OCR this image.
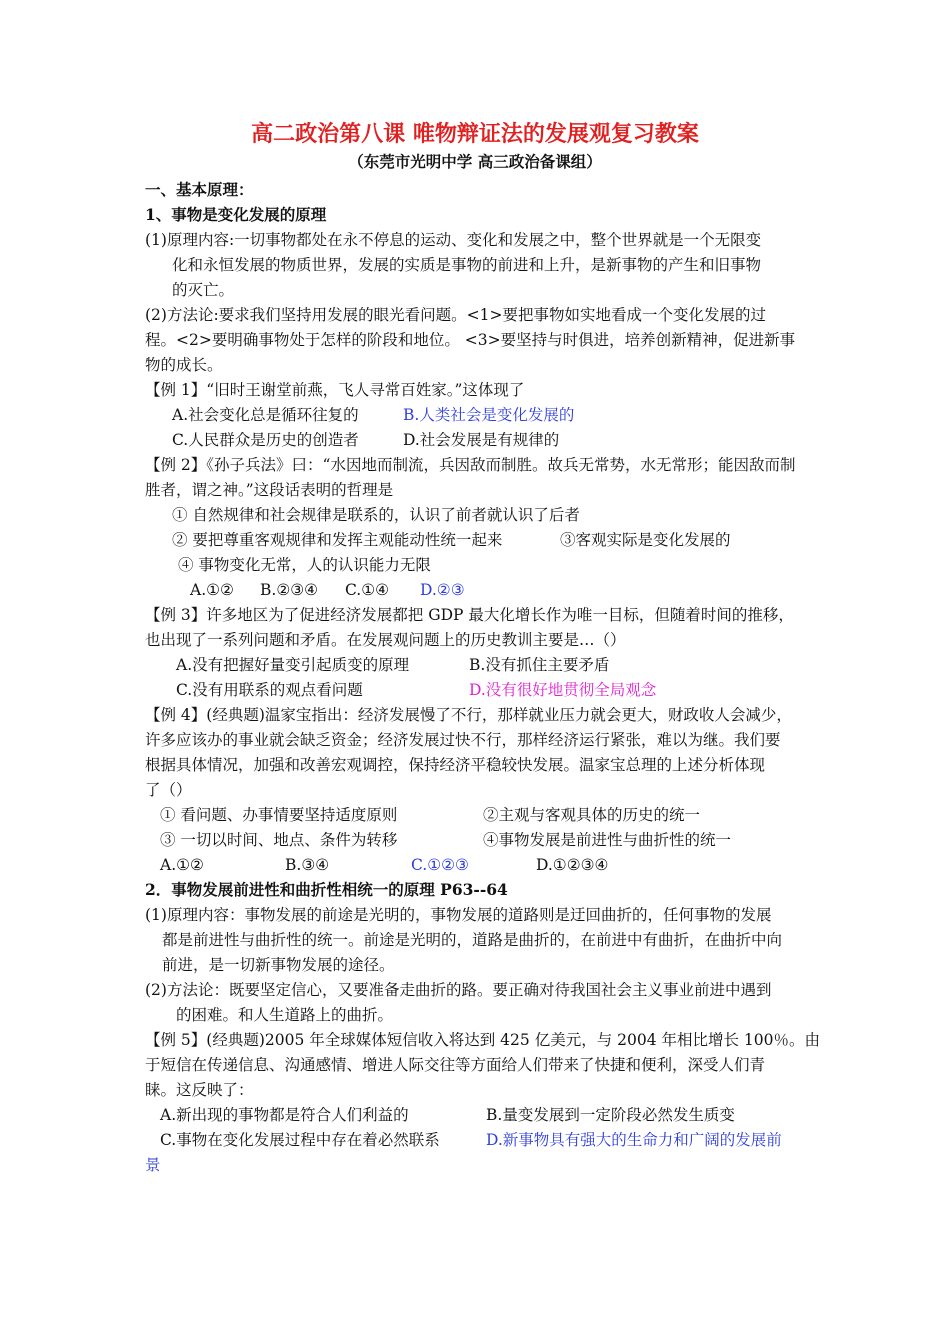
高二政治第八课 唯物辩证法的发展观复习教案
（东莞市光明中学 高三政治备课组）
一、基本原理：
1、事物是变化发展的原理
(1)原理内容:一切事物都处在永不停息的运动、变化和发展之中，整个世界就是一个无限变
化和永恒发展的物质世界，发展的实质是事物的前进和上升，是新事物的产生和旧事物
的灭亡。
(2)方法论:要求我们坚持用发展的眼光看问题。<1>要把事物如实地看成一个变化发展的过
程。<2>要明确事物处于怎样的阶段和地位。 <3>要坚持与时俱进，培养创新精神，促进新事
物的成长。
【例 1】“旧时王谢堂前燕，飞人寻常百姓家。”这体现了
A.社会变化总是循环往复的	B.人类社会是变化发展的
C.人民群众是历史的创造者	D.社会发展是有规律的
【例 2】《孙子兵法》曰：“水因地而制流，兵因敌而制胜。故兵无常势，水无常形；能因敌而制
胜者，谓之神。”这段话表明的哲理是
① 自然规律和社会规律是联系的，认识了前者就认识了后者
② 要把尊重客观规律和发挥主观能动性统一起来	③客观实际是变化发展的
④ 事物变化无常，人的认识能力无限
A.①② B.②③④ C.①④ D.②③
【例 3】许多地区为了促进经济发展都把 GDP 最大化增长作为唯一目标，但随着时间的推移，
也出现了一系列问题和矛盾。在发展观问题上的历史教训主要是…（）
A.没有把握好量变引起质变的原理	B.没有抓住主要矛盾
C.没有用联系的观点看问题	D.没有很好地贯彻全局观念
【例 4】(经典题)温家宝指出：经济发展慢了不行，那样就业压力就会更大，财政收人会减少，
许多应该办的事业就会缺乏资金；经济发展过快不行，那样经济运行紧张，难以为继。我们要
根据具体情况，加强和改善宏观调控，保持经济平稳较快发展。温家宝总理的上述分析体现
了（）
① 看问题、办事情要坚持适度原则	②主观与客观具体的历史的统一
③ 一切以时间、地点、条件为转移	④事物发展是前进性与曲折性的统一
A.①②	B.③④	C.①②③	D.①②③④
2．事物发展前进性和曲折性相统一的原理 P63--64
(1)原理内容：事物发展的前途是光明的，事物发展的道路则是迂回曲折的，任何事物的发展
都是前进性与曲折性的统一。前途是光明的，道路是曲折的，在前进中有曲折，在曲折中向
前进，是一切新事物发展的途径。
(2)方法论：既要坚定信心，又要准备走曲折的路。要正确对待我国社会主义事业前进中遇到
的困难。和人生道路上的曲折。
【例 5】(经典题)2005 年全球媒体短信收入将达到 425 亿美元，与 2004 年相比增长 100％。由
于短信在传递信息、沟通感情、增进人际交往等方面给人们带来了快捷和便利，深受人们青
睐。这反映了：
A.新出现的事物都是符合人们利益的	B.量变发展到一定阶段必然发生质变
C.事物在变化发展过程中存在着必然联系	D.新事物具有强大的生命力和广阔的发展前
景
